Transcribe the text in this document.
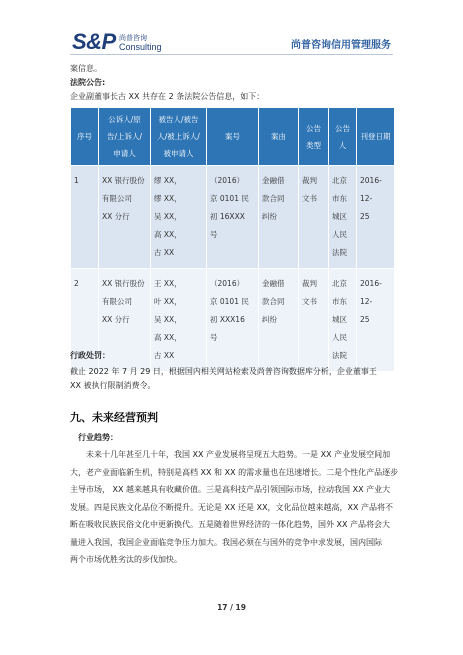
S&P 尚普咨询
Consulting	尚普咨询信用管理服务
案信息。
法院公告:
企业副董事长古 XX 共存在 2 条法院公告信息，如下：
序号	公诉人/原
告/上诉人/
申请人	被告人/被告
人/被上诉人/
被申请人	案号	案由	公告
类型	公告
人	刊登日期

1	XX 银行股份
有限公司
XX 分行	缪 XX，
缪 XX，
吴 XX，
高 XX，
古 XX	（2016）
京 0101 民
初 16XXX
号	金融借
款合同
纠纷	裁判
文书	北京
市东
城区
人民
法院	2016-12-
25

2	XX 银行股份
有限公司
XX 分行	王 XX，
叶 XX，
吴 XX，
高 XX，
古 XX	（2016）
京 0101 民
初 XXX16
号	金融借
款合同
纠纷	裁判
文书	北京
市东
城区
人民
法院	2016-12-
25
行政处罚：
截止 2022 年 7 月 29 日，根据国内相关网站检索及尚普咨询数据库分析，企业董事王
XX 被执行限制消费令。
九、未来经营预判
行业趋势：
未来十几年甚至几十年，我国 XX 产业发展将呈现五大趋势。一是 XX 产业发展空间加
大，老产业面临新生机，特别是高档 XX 和 XX 的需求量也在迅速增长。二是个性化产品逐步
主导市场， XX 越来越具有收藏价值。三是高科技产品引领国际市场，拉动我国 XX 产业大
发展。四是民族文化品位不断提升。无论是 XX 还是 XX，文化品位越来越高，XX 产品将不
断在吸收民族民俗文化中更新换代。五是随着世界经济的一体化趋势，国外 XX 产品将会大
量进入我国，我国企业面临竞争压力加大。我国必须在与国外的竞争中求发展，国内国际
两个市场优胜劣汰的步伐加快。
17 / 19
